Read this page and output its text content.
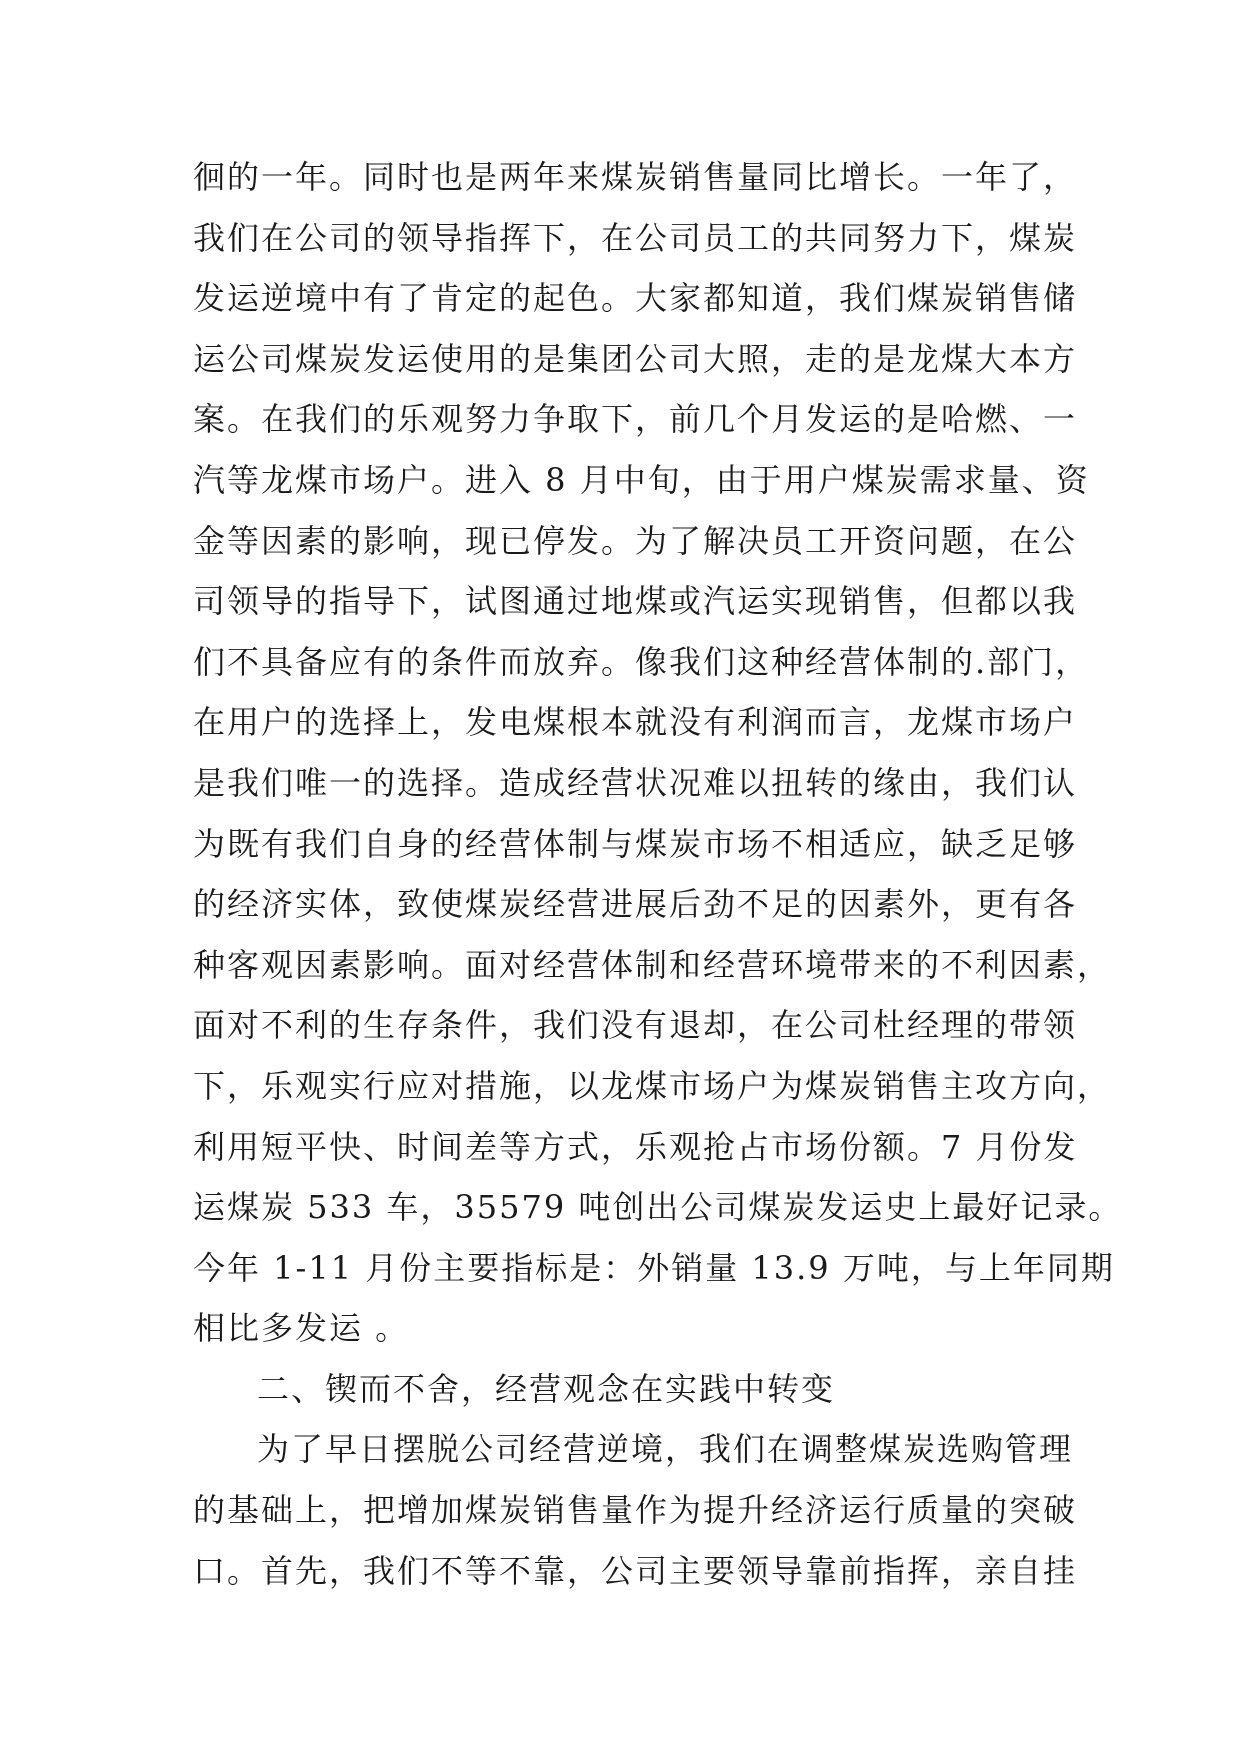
徊的一年。同时也是两年来煤炭销售量同比增长。一年了，
我们在公司的领导指挥下，在公司员工的共同努力下，煤炭
发运逆境中有了肯定的起色。大家都知道，我们煤炭销售储
运公司煤炭发运使用的是集团公司大照，走的是龙煤大本方
案。在我们的乐观努力争取下，前几个月发运的是哈燃、一
汽等龙煤市场户。进入 8 月中旬，由于用户煤炭需求量、资
金等因素的影响，现已停发。为了解决员工开资问题，在公
司领导的指导下，试图通过地煤或汽运实现销售，但都以我
们不具备应有的条件而放弃。像我们这种经营体制的.部门，
在用户的选择上，发电煤根本就没有利润而言，龙煤市场户
是我们唯一的选择。造成经营状况难以扭转的缘由，我们认
为既有我们自身的经营体制与煤炭市场不相适应，缺乏足够
的经济实体，致使煤炭经营进展后劲不足的因素外，更有各
种客观因素影响。面对经营体制和经营环境带来的不利因素，
面对不利的生存条件，我们没有退却，在公司杜经理的带领
下，乐观实行应对措施，以龙煤市场户为煤炭销售主攻方向，
利用短平快、时间差等方式，乐观抢占市场份额。7 月份发
运煤炭 533 车，35579 吨创出公司煤炭发运史上最好记录。
今年 1-11 月份主要指标是：外销量 13.9 万吨，与上年同期
相比多发运 。
二、锲而不舍，经营观念在实践中转变
为了早日摆脱公司经营逆境，我们在调整煤炭选购管理
的基础上，把增加煤炭销售量作为提升经济运行质量的突破
口。首先，我们不等不靠，公司主要领导靠前指挥，亲自挂
